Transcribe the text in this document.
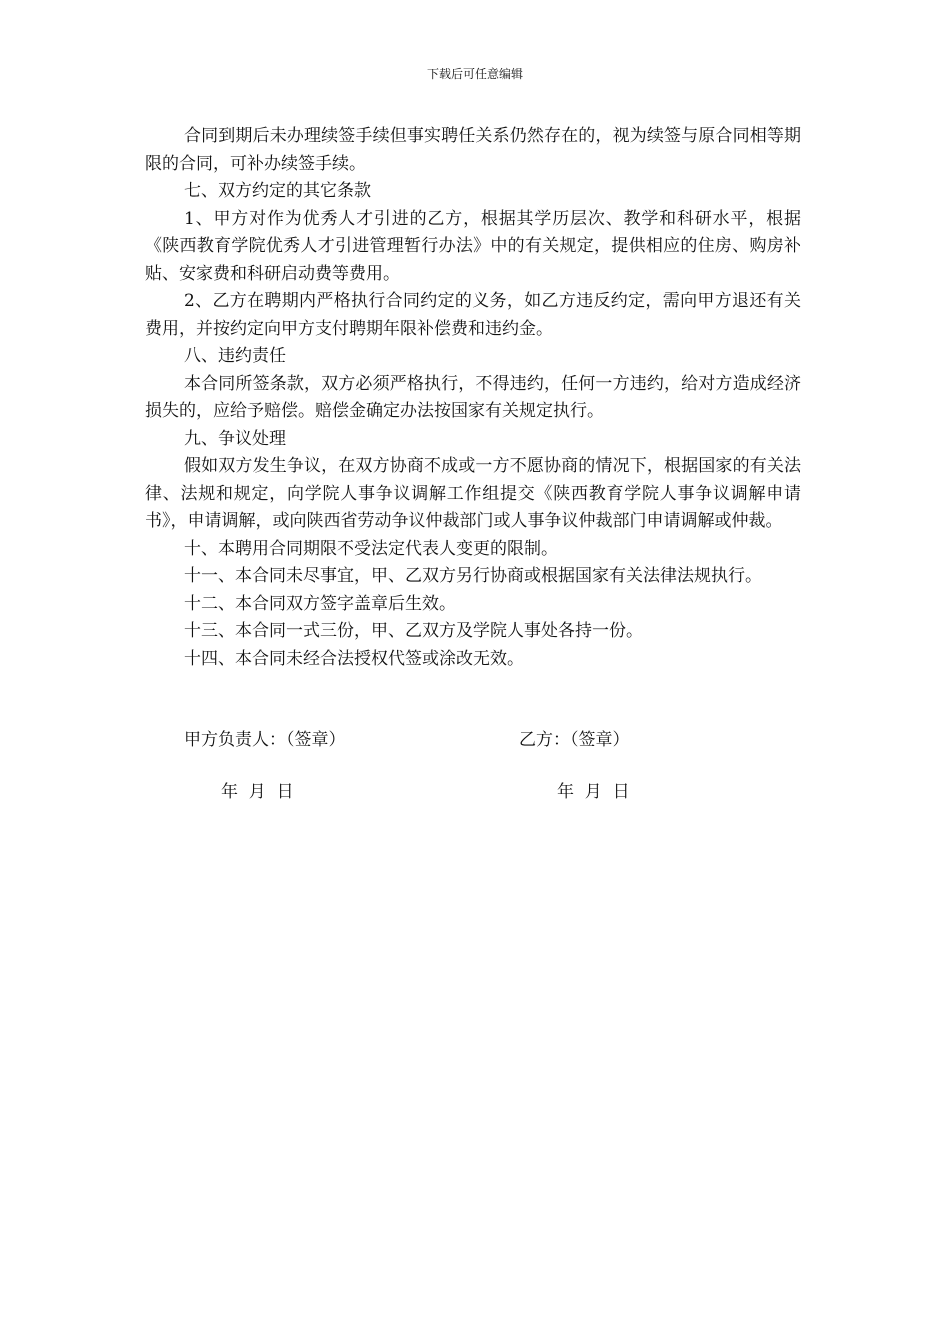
下载后可任意编辑

合同到期后未办理续签手续但事实聘任关系仍然存在的，视为续签与原合同相等期限的合同，可补办续签手续。

七、双方约定的其它条款

1、甲方对作为优秀人才引进的乙方，根据其学历层次、教学和科研水平，根据《陕西教育学院优秀人才引进管理暂行办法》中的有关规定，提供相应的住房、购房补贴、安家费和科研启动费等费用。

2、乙方在聘期内严格执行合同约定的义务，如乙方违反约定，需向甲方退还有关费用，并按约定向甲方支付聘期年限补偿费和违约金。

八、违约责任

本合同所签条款，双方必须严格执行，不得违约，任何一方违约，给对方造成经济损失的，应给予赔偿。赔偿金确定办法按国家有关规定执行。

九、争议处理

假如双方发生争议，在双方协商不成或一方不愿协商的情况下，根据国家的有关法律、法规和规定，向学院人事争议调解工作组提交《陕西教育学院人事争议调解申请书》，申请调解，或向陕西省劳动争议仲裁部门或人事争议仲裁部门申请调解或仲裁。

十、本聘用合同期限不受法定代表人变更的限制。

十一、本合同未尽事宜，甲、乙双方另行协商或根据国家有关法律法规执行。

十二、本合同双方签字盖章后生效。

十三、本合同一式三份，甲、乙双方及学院人事处各持一份。

十四、本合同未经合法授权代签或涂改无效。

甲方负责人：（签章）	乙方：（签章）
年  月  日	年  月  日
